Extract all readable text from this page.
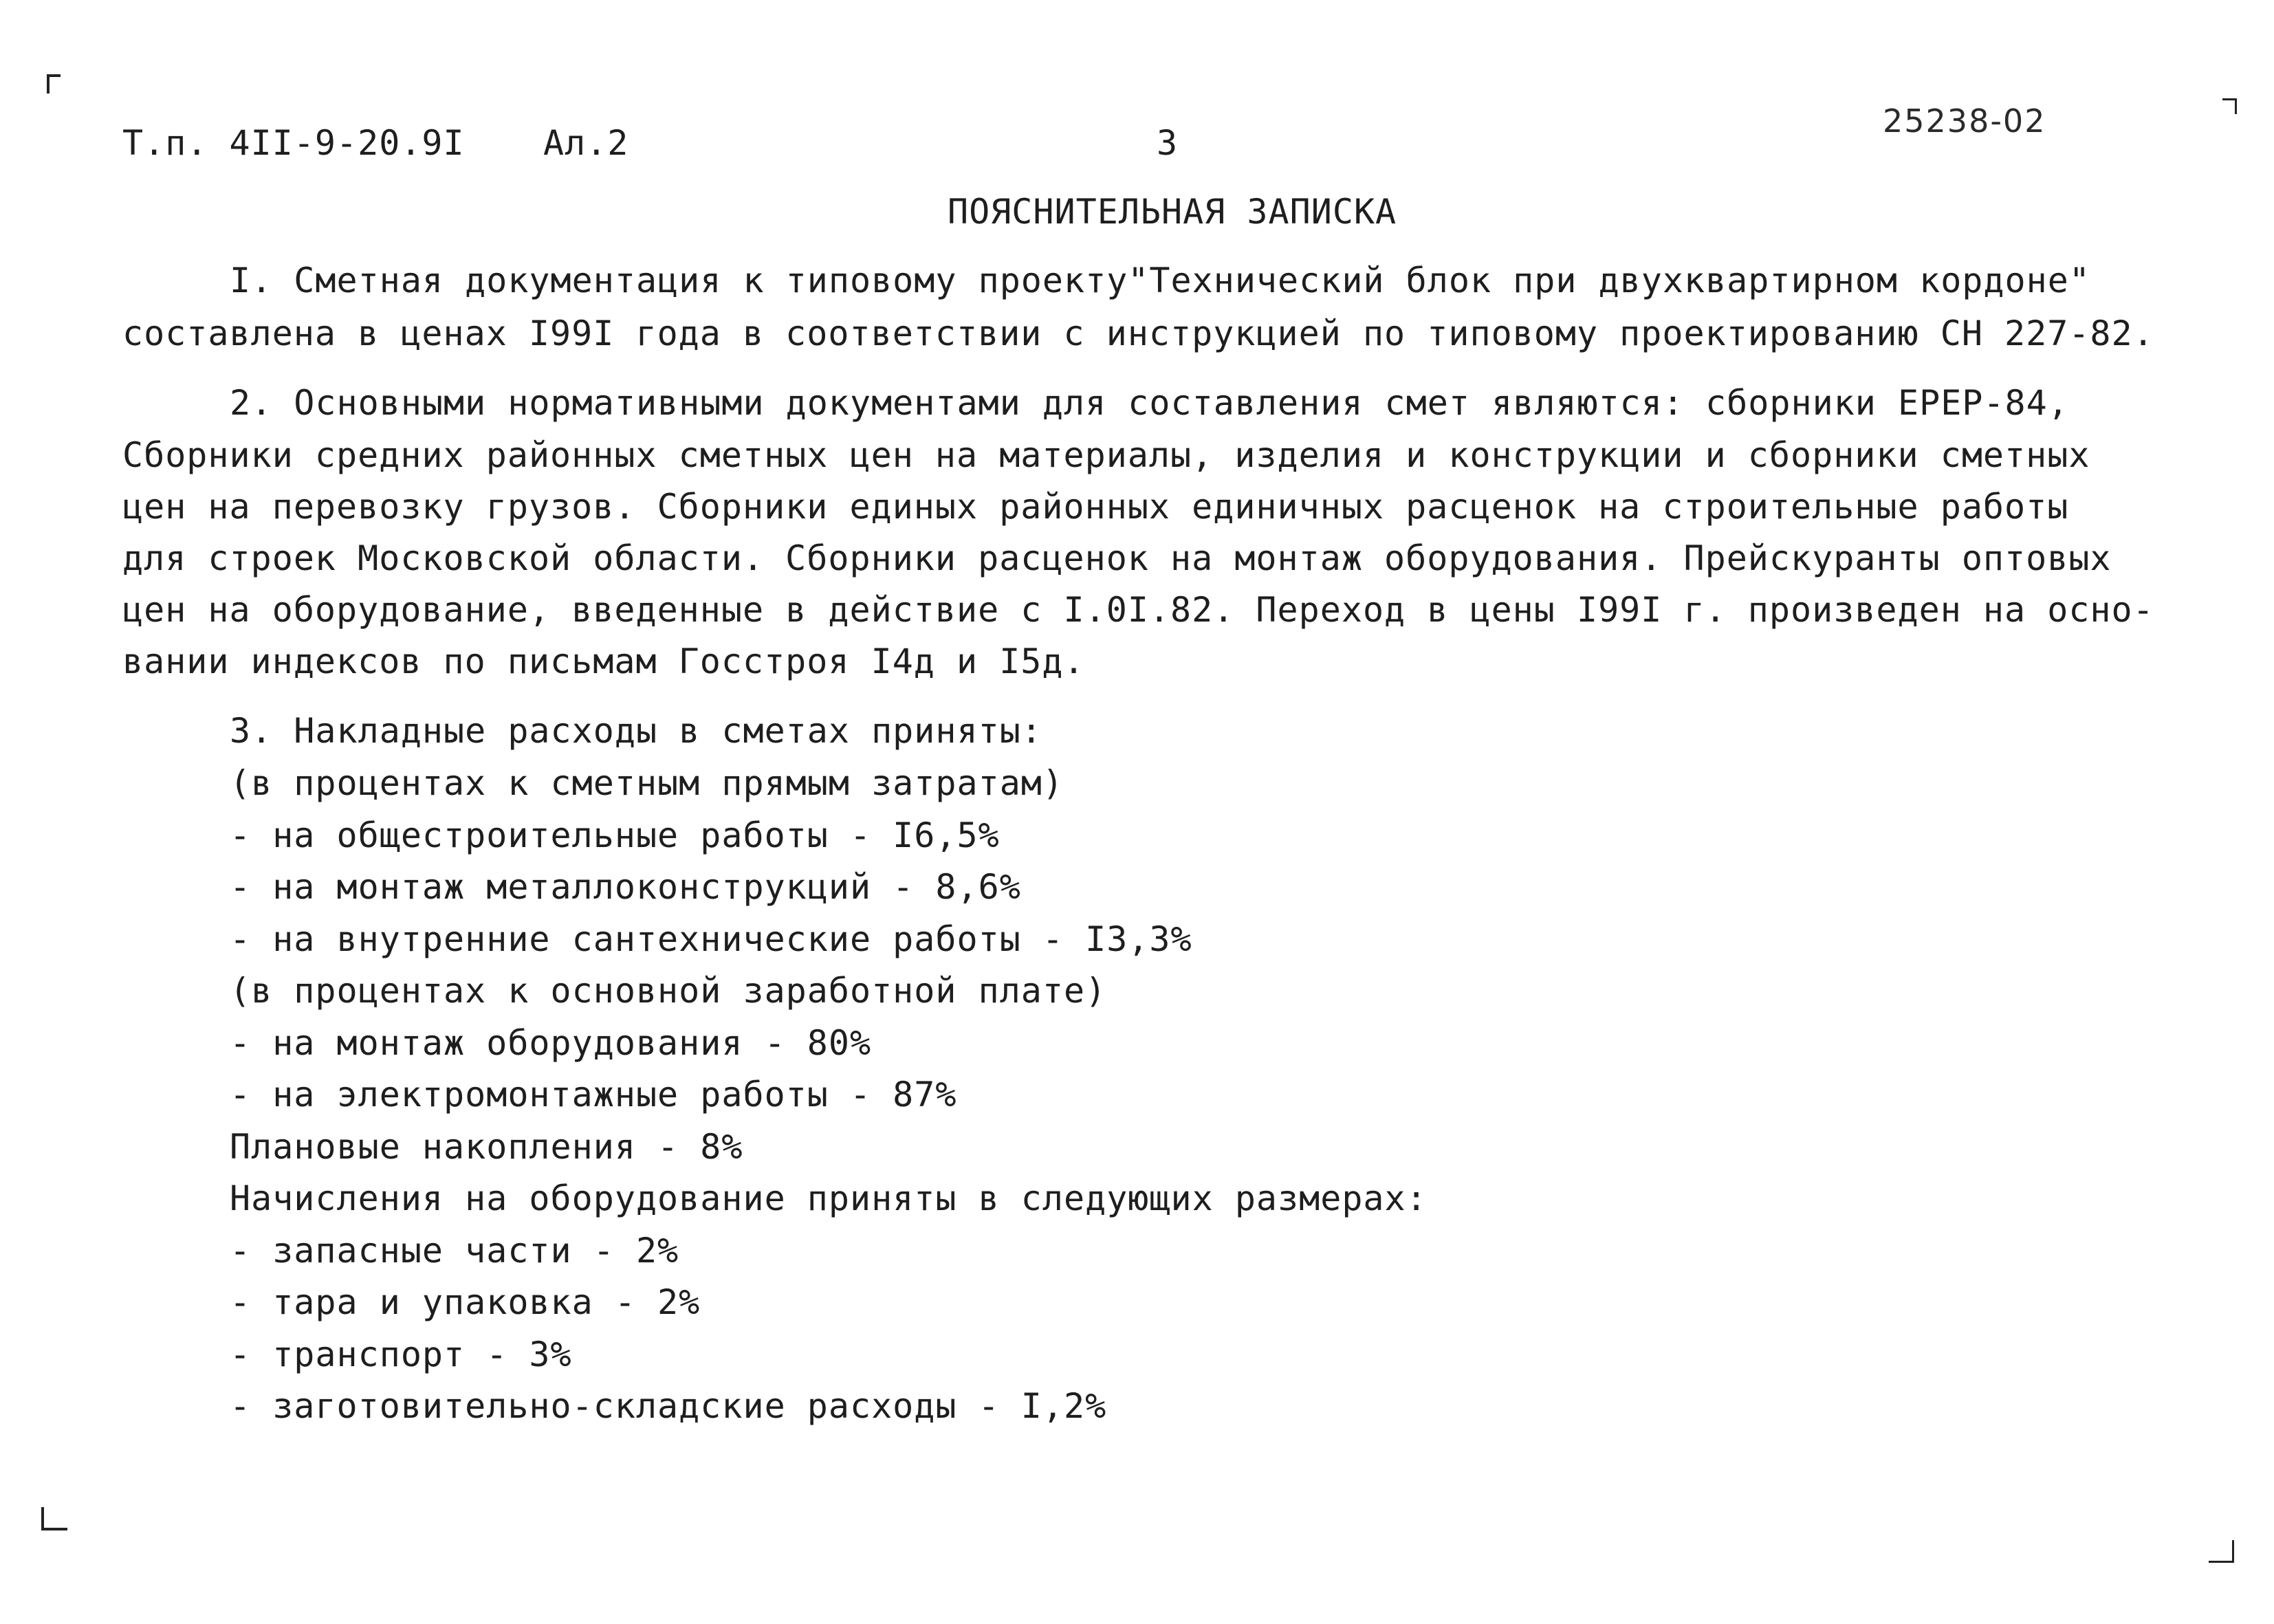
Т.п. 4II-9-20.9I Ал.2	3
25238-02
ПОЯСНИТЕЛЬНАЯ ЗАПИСКА
I. Сметная документация к типовому проекту"Технический блок при двухквартирном кордоне"
составлена в ценах I99I года в соответствии с инструкцией по типовому проектированию СН 227-82.
2. Основными нормативными документами для составления смет являются: сборники ЕРЕР-84,
Сборники средних районных сметных цен на материалы, изделия и конструкции и сборники сметных
цен на перевозку грузов. Сборники единых районных единичных расценок на строительные работы
для строек Московской области. Сборники расценок на монтаж оборудования. Прейскуранты оптовых
цен на оборудование, введенные в действие с I.0I.82. Переход в цены I99I г. произведен на осно-
вании индексов по письмам Госстроя I4д и I5д.
3. Накладные расходы в сметах приняты:
(в процентах к сметным прямым затратам)
- на общестроительные работы - I6,5%
- на монтаж металлоконструкций - 8,6%
- на внутренние сантехнические работы - I3,3%
(в процентах к основной заработной плате)
- на монтаж оборудования - 80%
- на электромонтажные работы - 87%
Плановые накопления - 8%
Начисления на оборудование приняты в следующих размерах:
- запасные части - 2%
- тара и упаковка - 2%
- транспорт - 3%
- заготовительно-складские расходы - I,2%
